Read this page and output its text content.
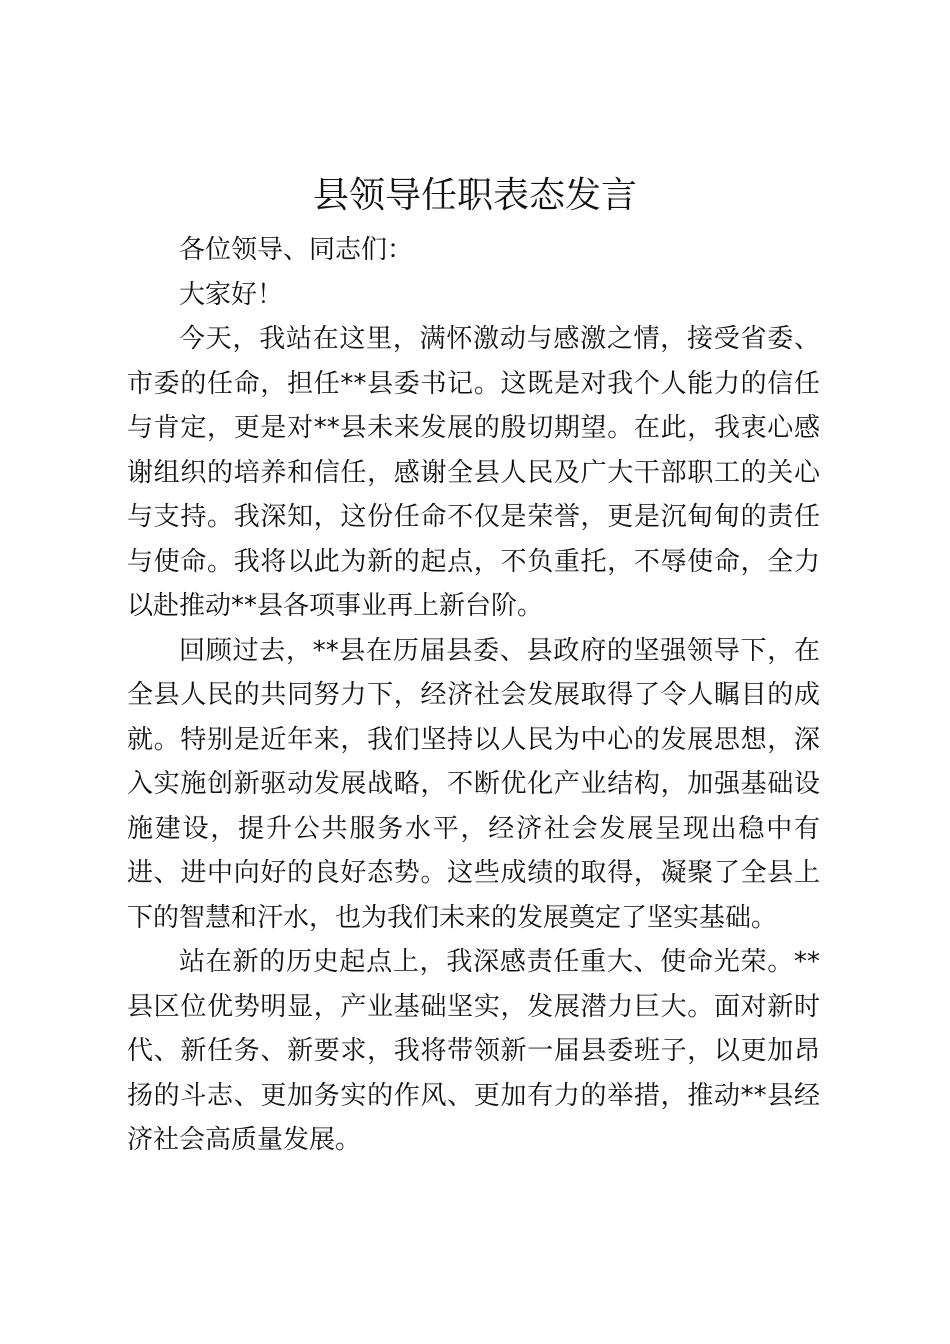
县领导任职表态发言

各位领导、同志们：

大家好！

今天，我站在这里，满怀激动与感激之情，接受省委、市委的任命，担任**县委书记。这既是对我个人能力的信任与肯定，更是对**县未来发展的殷切期望。在此，我衷心感谢组织的培养和信任，感谢全县人民及广大干部职工的关心与支持。我深知，这份任命不仅是荣誉，更是沉甸甸的责任与使命。我将以此为新的起点，不负重托，不辱使命，全力以赴推动**县各项事业再上新台阶。

回顾过去，**县在历届县委、县政府的坚强领导下，在全县人民的共同努力下，经济社会发展取得了令人瞩目的成就。特别是近年来，我们坚持以人民为中心的发展思想，深入实施创新驱动发展战略，不断优化产业结构，加强基础设施建设，提升公共服务水平，经济社会发展呈现出稳中有进、进中向好的良好态势。这些成绩的取得，凝聚了全县上下的智慧和汗水，也为我们未来的发展奠定了坚实基础。

站在新的历史起点上，我深感责任重大、使命光荣。**县区位优势明显，产业基础坚实，发展潜力巨大。面对新时代、新任务、新要求，我将带领新一届县委班子，以更加昂扬的斗志、更加务实的作风、更加有力的举措，推动**县经济社会高质量发展。
